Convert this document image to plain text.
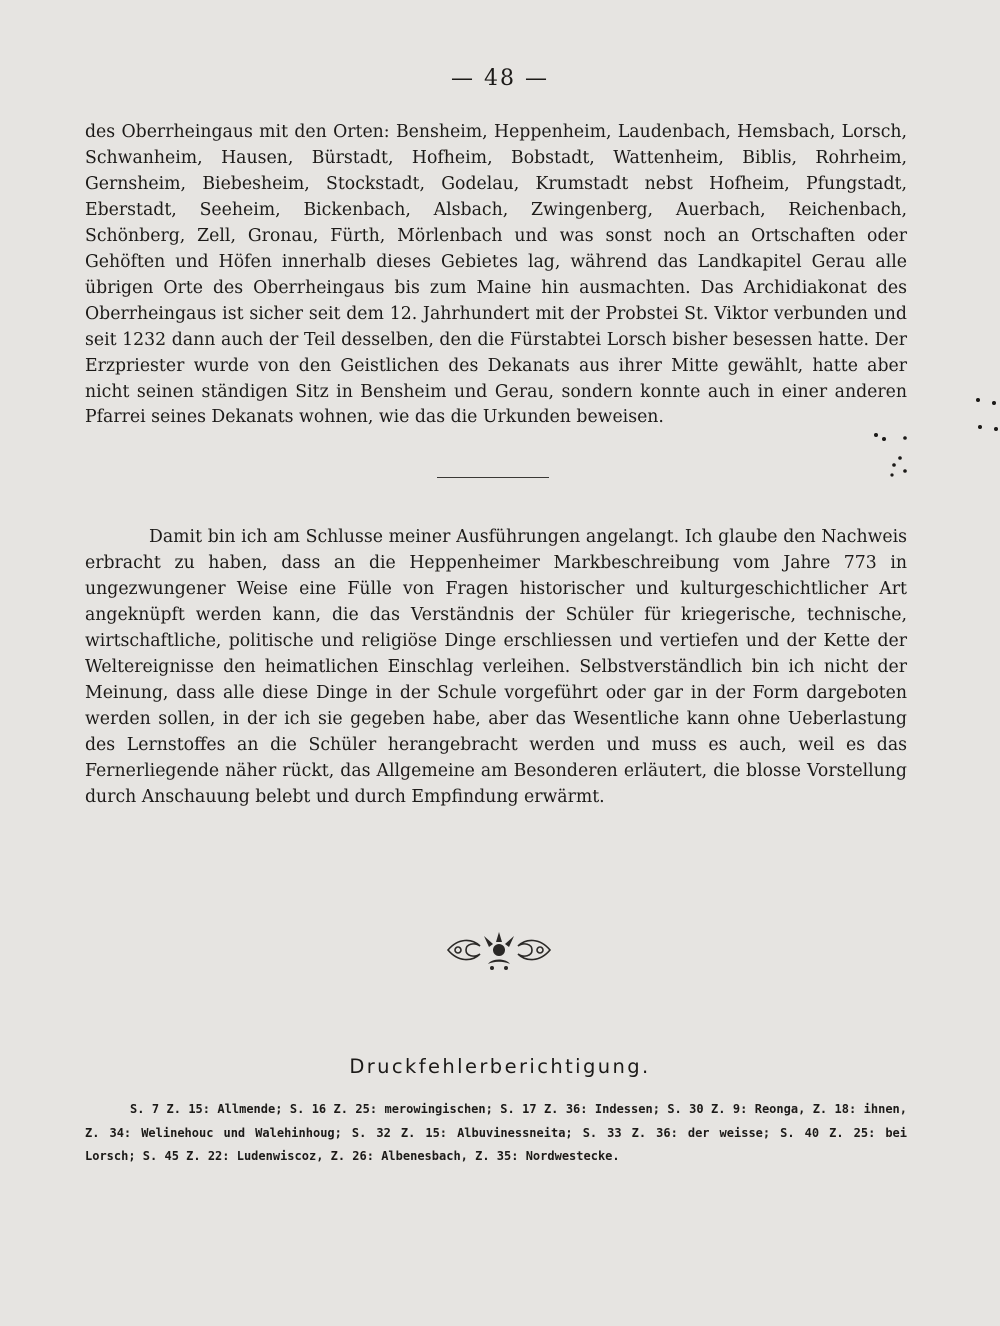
— 48 —

des Oberrheingaus mit den Orten: Bensheim, Heppenheim, Laudenbach, Hemsbach, Lorsch, Schwanheim, Hausen, Bürstadt, Hofheim, Bobstadt, Wattenheim, Biblis, Rohrheim, Gernsheim, Biebesheim, Stockstadt, Godelau, Krumstadt nebst Hofheim, Pfungstadt, Eberstadt, Seeheim, Bickenbach, Alsbach, Zwingenberg, Auerbach, Reichenbach, Schönberg, Zell, Gronau, Fürth, Mörlenbach und was sonst noch an Ortschaften oder Gehöften und Höfen innerhalb dieses Gebietes lag, während das Landkapitel Gerau alle übrigen Orte des Oberrheingaus bis zum Maine hin ausmachten. Das Archidiakonat des Oberrheingaus ist sicher seit dem 12. Jahrhundert mit der Probstei St. Viktor verbunden und seit 1232 dann auch der Teil desselben, den die Fürstabtei Lorsch bisher besessen hatte. Der Erzpriester wurde von den Geistlichen des Dekanats aus ihrer Mitte gewählt, hatte aber nicht seinen ständigen Sitz in Bensheim und Gerau, sondern konnte auch in einer anderen Pfarrei seines Dekanats wohnen, wie das die Urkunden beweisen.

Damit bin ich am Schlusse meiner Ausführungen angelangt. Ich glaube den Nachweis erbracht zu haben, dass an die Heppenheimer Markbeschreibung vom Jahre 773 in ungezwungener Weise eine Fülle von Fragen historischer und kulturgeschichtlicher Art angeknüpft werden kann, die das Verständnis der Schüler für kriegerische, technische, wirtschaftliche, politische und religiöse Dinge erschliessen und vertiefen und der Kette der Weltereignisse den heimatlichen Einschlag verleihen. Selbstverständlich bin ich nicht der Meinung, dass alle diese Dinge in der Schule vorgeführt oder gar in der Form dargeboten werden sollen, in der ich sie gegeben habe, aber das Wesentliche kann ohne Ueberlastung des Lernstoffes an die Schüler herangebracht werden und muss es auch, weil es das Fernerliegende näher rückt, das Allgemeine am Besonderen erläutert, die blosse Vorstellung durch Anschauung belebt und durch Empfindung erwärmt.

Druckfehlerberichtigung.

S. 7 Z. 15: Allmende; S. 16 Z. 25: merowingischen; S. 17 Z. 36: Indessen; S. 30 Z. 9: Reonga, Z. 18: ihnen, Z. 34: Welinehouc und Walehinhoug; S. 32 Z. 15: Albuvinessneita; S. 33 Z. 36: der weisse; S. 40 Z. 25: bei Lorsch; S. 45 Z. 22: Ludenwiscoz, Z. 26: Albenesbach, Z. 35: Nordwestecke.
